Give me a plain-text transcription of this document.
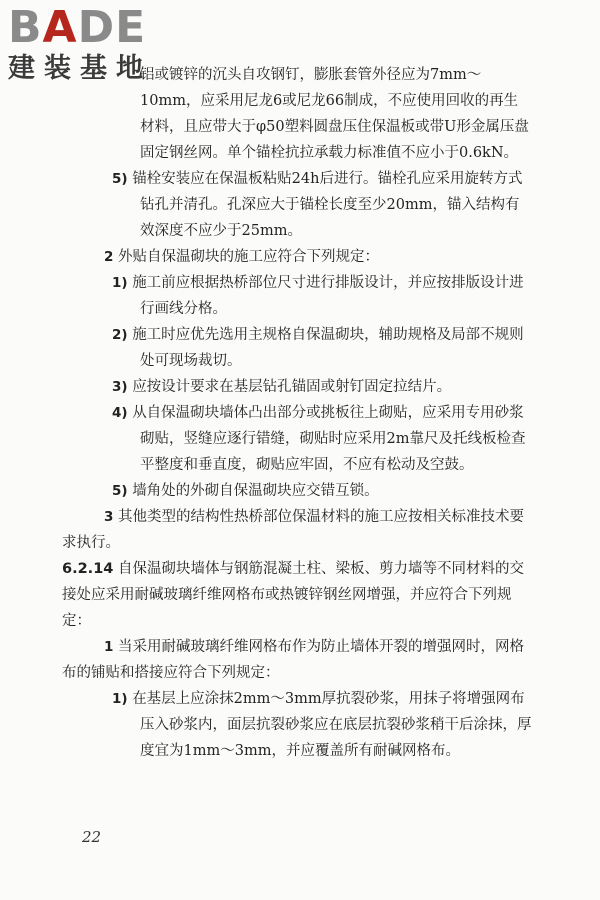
BADE
建装基地

铝或镀锌的沉头自攻钢钉，膨胀套管外径应为7mm～10mm，应采用尼龙6或尼龙66制成，不应使用回收的再生材料，且应带大于φ50塑料圆盘压住保温板或带U形金属压盘固定钢丝网。单个锚栓抗拉承载力标准值不应小于0.6kN。

5) 锚栓安装应在保温板粘贴24h后进行。锚栓孔应采用旋转方式钻孔并清孔。孔深应大于锚栓长度至少20mm，锚入结构有效深度不应少于25mm。

2 外贴自保温砌块的施工应符合下列规定：

1) 施工前应根据热桥部位尺寸进行排版设计，并应按排版设计进行画线分格。

2) 施工时应优先选用主规格自保温砌块，辅助规格及局部不规则处可现场裁切。

3) 应按设计要求在基层钻孔锚固或射钉固定拉结片。

4) 从自保温砌块墙体凸出部分或挑板往上砌贴，应采用专用砂浆砌贴，竖缝应逐行错缝，砌贴时应采用2m靠尺及托线板检查平整度和垂直度，砌贴应牢固，不应有松动及空鼓。

5) 墙角处的外砌自保温砌块应交错互锁。

3 其他类型的结构性热桥部位保温材料的施工应按相关标准技术要求执行。

6.2.14 自保温砌块墙体与钢筋混凝土柱、梁板、剪力墙等不同材料的交接处应采用耐碱玻璃纤维网格布或热镀锌钢丝网增强，并应符合下列规定：

1 当采用耐碱玻璃纤维网格布作为防止墙体开裂的增强网时，网格布的铺贴和搭接应符合下列规定：

1) 在基层上应涂抹2mm～3mm厚抗裂砂浆，用抹子将增强网布压入砂浆内，面层抗裂砂浆应在底层抗裂砂浆稍干后涂抹，厚度宜为1mm～3mm，并应覆盖所有耐碱网格布。

22
